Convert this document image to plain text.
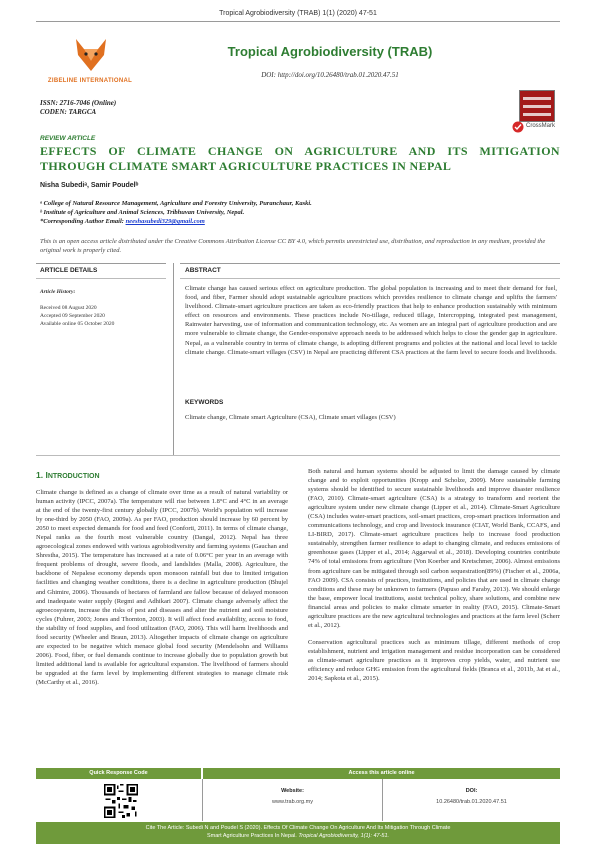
Tropical Agrobiodiversity (TRAB) 1(1) (2020) 47-51
ZIBELINE INTERNATIONAL
Tropical Agrobiodiversity (TRAB)
DOI: http://doi.org/10.26480/trab.01.2020.47.51
ISSN: 2716-7046 (Online)
CODEN: TARGCA
CrossMark
REVIEW ARTICLE
EFFECTS OF CLIMATE CHANGE ON AGRICULTURE AND ITS MITIGATION
THROUGH CLIMATE SMART AGRICULTURE PRACTICES IN NEPAL
Nisha Subediᵃ, Samir Poudelᵇ
ᵃ College of Natural Resource Management, Agriculture and Forestry University, Puranchaur, Kaski.
ᵇ Institute of Agriculture and Animal Sciences, Tribhuvan University, Nepal.
*Corresponding Author Email: neeshasubedi329@gmail.com
This is an open access article distributed under the Creative Commons Attribution License CC BY 4.0, which permits unrestricted use, distribution, and reproduction in any medium, provided the original work is properly cited.
ARTICLE DETAILS	ABSTRACT
Article History:
Received 08 August 2020
Accepted 09 September 2020
Available online 05 October 2020
Climate change has caused serious effect on agriculture production. The global population is increasing and to meet their demand for fuel, food, and fiber, Farmer should adopt sustainable agriculture practices which provides resilience to climate change and uplifts the farmers' livelihood. Climate-smart agriculture practices are taken as eco-friendly practices that help to enhance production sustainably with minimum effect on resources and environments. These practices include No-tillage, reduced tillage, Intercropping, integrated pest management, Rainwater harvesting, use of information and communication technology, etc. As women are an integral part of agriculture production and are more vulnerable to climate change, the Gender-responsive approach needs to be addressed which helps to close the gender gap in agriculture. Nepal, as a vulnerable country in terms of climate change, is adopting different programs and policies at the national and local level to tackle climate change. Climate-smart villages (CSV) in Nepal are practicing different CSA practices at the farm level to secure foods and livelihoods.
KEYWORDS
Climate change, Climate smart Agriculture (CSA), Climate smart villages (CSV)
1. INTRODUCTION

Climate change is defined as a change of climate over time as a result of natural variability or human activity (IPCC, 2007a). The temperature will rise between 1.8°C and 4°C in an average at the end of the twenty-first century globally (IPCC, 2007b). World's population will increase by one-third by 2050 (FAO, 2009a). As per FAO, production should increase by 60 percent by 2050 to meet expected demands for food and feed (Conforti, 2011). In terms of climate change, Nepal ranks as the fourth most vulnerable country (Dangal, 2012). Nepal has three agroecological zones endowed with various agrobiodiversity and farming systems (Gauchan and Shrestha, 2015). The temperature has increased at a rate of 0.06°C per year in an average with frequent problems of drought, severe floods, and landslides (Malla, 2008). Agriculture, the backbone of Nepalese economy depends upon monsoon rainfall but due to limited irrigation facilities and changing weather conditions, there is a decline in agriculture production (Bhujel and Ghimire, 2006). Thousands of hectares of farmland are fallow because of delayed monsoon and inadequate water supply (Regmi and Adhikari 2007). Climate change adversely affect the agroecosystem, increase the risks of pest and diseases and alter the nutrient and soil moisture cycles (Fuhrer, 2003; Jones and Thornton, 2003). It will affect food availability, access to food, the stability of food supplies, and food utilization (FAO, 2006). This will harm livelihoods and food security (Wheeler and Braun, 2013). Altogether impacts of climate change on agriculture are expected to be negative which menace global food security (Mendelsohn and Williams 2006). Food, fiber, or fuel demands continue to increase globally due to population growth but limited additional land is available for agricultural expansion. The livelihood of farmers should be upgraded at the farm level by implementing different strategies to manage climate risk (McCarthy et al., 2016).

Both natural and human systems should be adjusted to limit the damage caused by climate change and to exploit opportunities (Kropp and Scholze, 2009). More sustainable farming systems should be identified to secure sustainable livelihoods and improve disaster resilience (FAO, 2010). Climate-smart agriculture (CSA) is a strategy to transform and reorient the agriculture system under new climate change (Lipper et al., 2014). Climate-Smart Agriculture (CSA) includes water-smart practices, soil-smart practices, crop-smart practices information and communications technology, and crop and livestock insurance (CIAT, World Bank, CCAFS, and LI-BIRD, 2017). Climate-smart agriculture practices help to increase food production sustainably, strengthen farmer resilience to adapt to changing climate, and reduces emissions of greenhouse gases (Lipper et al., 2014; Aggarwal et al., 2018). Developing countries contribute 74% of total emissions from agriculture (Von Koerber and Kretschmer, 2006). Almost emissions from agriculture can be mitigated through soil carbon sequestration(89%) (Fischer et al., 2006a, FAO 2009). CSA consists of practices, institutions, and policies that are used in climate change conditions and these may be unknown to farmers (Papuso and Faraby, 2013). We should enlarge the base, empower local institutions, assist technical policy, share solutions, and combine new financial areas and policies to make climate smarter in reality (FAO, 2015). Climate-Smart agriculture practices are the new agricultural technologies and practices at the farm level (Scherr et al., 2012).

Conservation agricultural practices such as minimum tillage, different methods of crop establishment, nutrient and irrigation management and residue incorporation can be considered as climate-smart agriculture practices as it improves crop yields, water, and nutrient use efficiency and reduce GHG emission from the agricultural fields (Branca et al., 2011b, Jat et al., 2014; Sapkota et al., 2015).

Quick Response Code	Access this article online
Website:
www.trab.org.my
DOI:
10.26480/trab.01.2020.47.51
Cite The Article: Subedi N and Poudel S (2020). Effects Of Climate Change On Agriculture And Its Mitigation Through Climate
Smart Agriculture Practices In Nepal. Tropical Agrobiodiversity, 1(1): 47-51.
